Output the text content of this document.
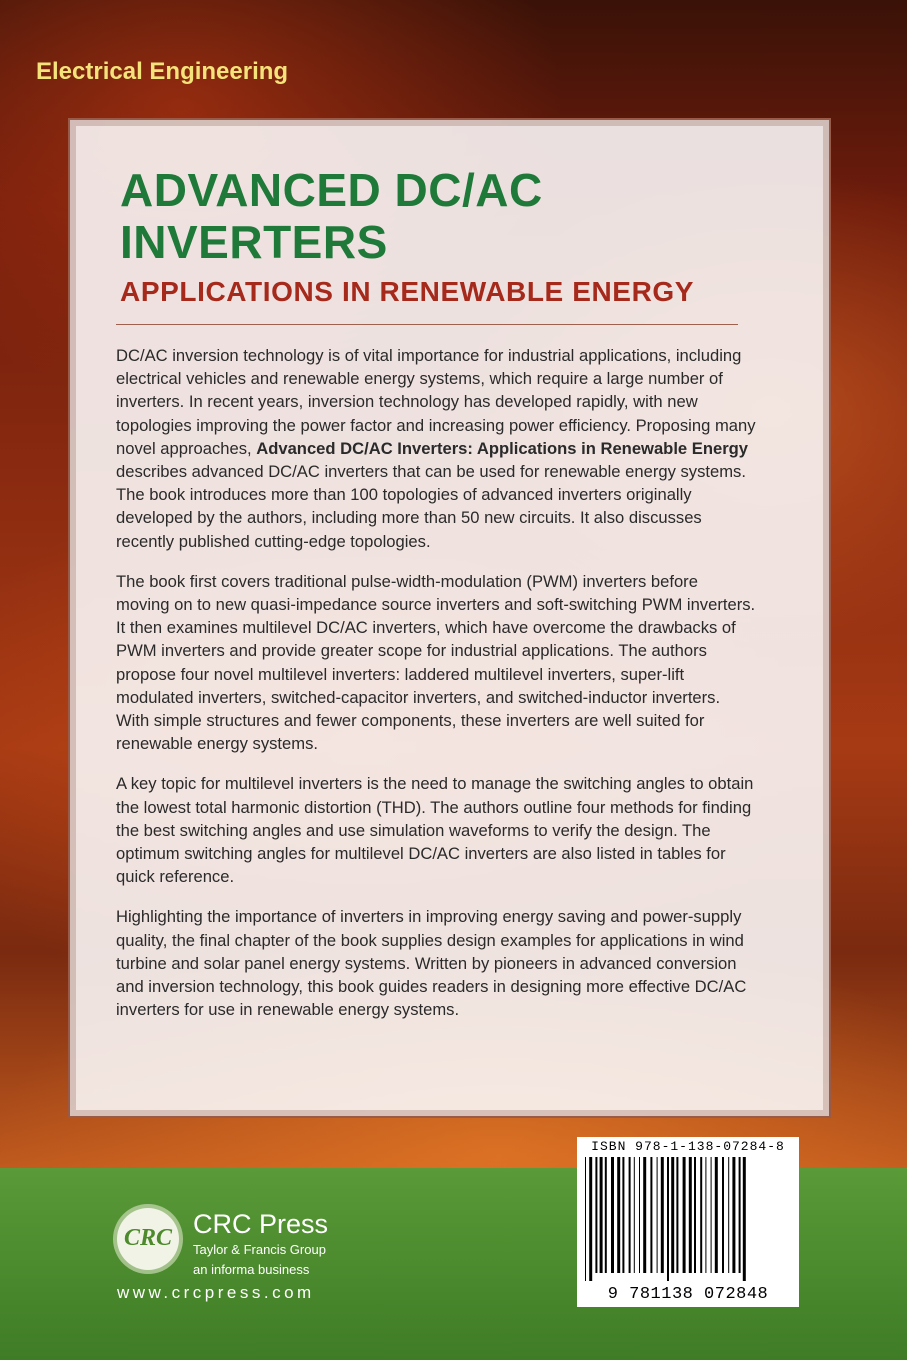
Electrical Engineering
ADVANCED DC/AC
INVERTERS
APPLICATIONS IN RENEWABLE ENERGY

DC/AC inversion technology is of vital importance for industrial applications, including electrical vehicles and renewable energy systems, which require a large number of inverters. In recent years, inversion technology has developed rapidly, with new topologies improving the power factor and increasing power efficiency. Proposing many novel approaches, Advanced DC/AC Inverters: Applications in Renewable Energy describes advanced DC/AC inverters that can be used for renewable energy systems. The book introduces more than 100 topologies of advanced inverters originally developed by the authors, including more than 50 new circuits. It also discusses recently published cutting-edge topologies.

The book first covers traditional pulse-width-modulation (PWM) inverters before moving on to new quasi-impedance source inverters and soft-switching PWM inverters. It then examines multilevel DC/AC inverters, which have overcome the drawbacks of PWM inverters and provide greater scope for industrial applications. The authors propose four novel multilevel inverters: laddered multilevel inverters, super-lift modulated inverters, switched-capacitor inverters, and switched-inductor inverters. With simple structures and fewer components, these inverters are well suited for renewable energy systems.

A key topic for multilevel inverters is the need to manage the switching angles to obtain the lowest total harmonic distortion (THD). The authors outline four methods for finding the best switching angles and use simulation waveforms to verify the design. The optimum switching angles for multilevel DC/AC inverters are also listed in tables for quick reference.

Highlighting the importance of inverters in improving energy saving and power-supply quality, the final chapter of the book supplies design examples for applications in wind turbine and solar panel energy systems. Written by pioneers in advanced conversion and inversion technology, this book guides readers in designing more effective DC/AC inverters for use in renewable energy systems.

CRC CRC Press
Taylor & Francis Group
an informa business
www.crcpress.com
ISBN 978-1-138-07284-8
9 781138 072848
